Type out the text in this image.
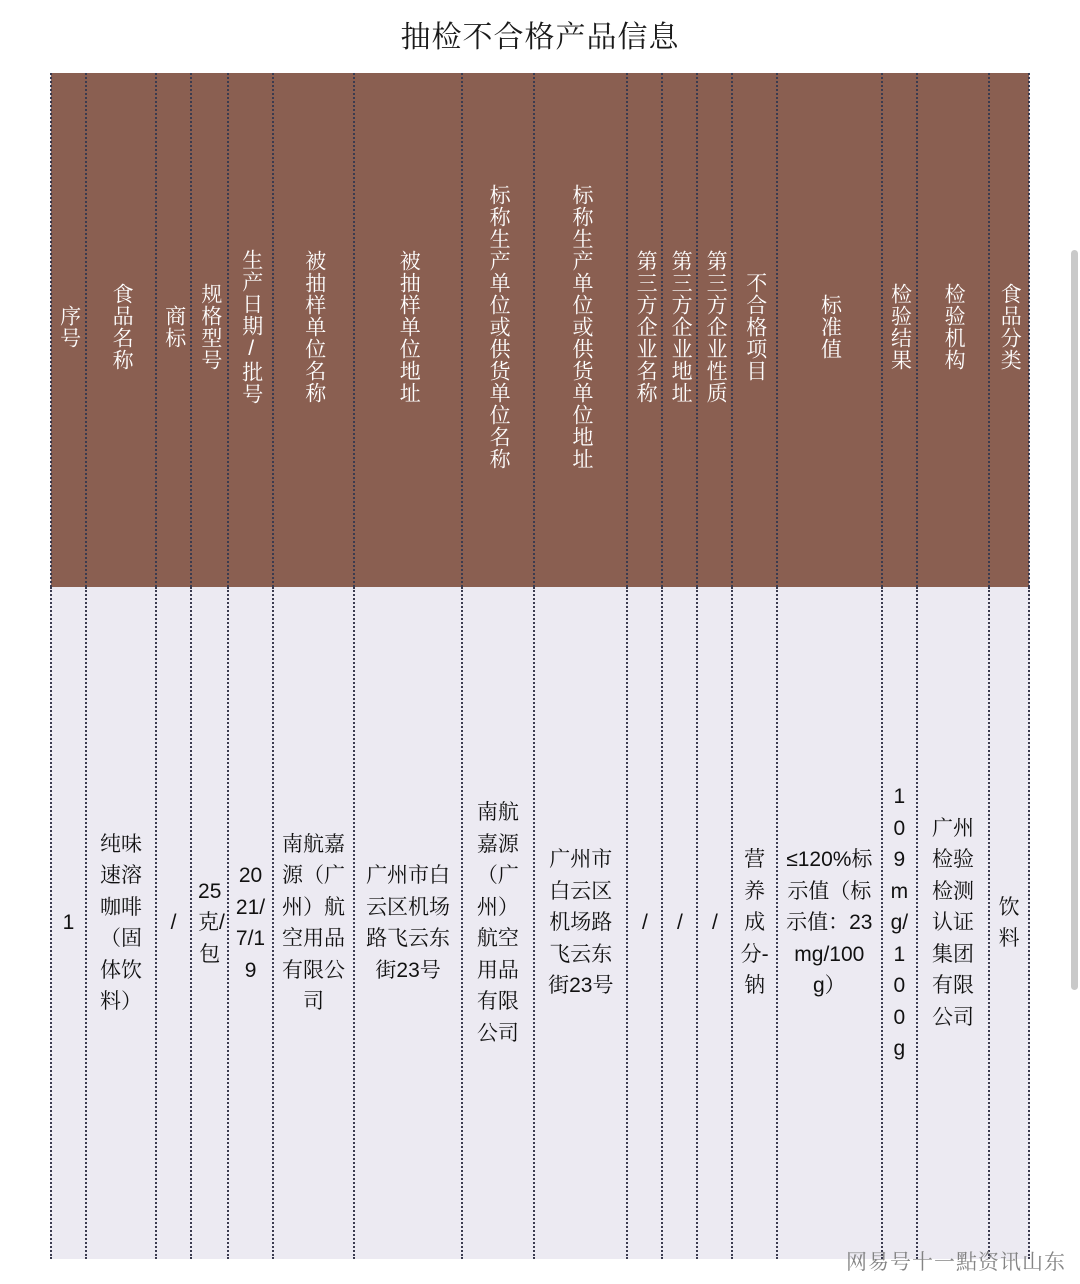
抽检不合格产品信息
序号	食品名称	商标	规格型号	生产日期/批号	被抽样单位名称	被抽样单位地址	标称生产单位或供货单位名称	标称生产单位或供货单位地址	第三方企业名称	第三方企业地址	第三方企业性质	不合格项目	标准值	检验结果	检验机构	食品分类

1	纯味速溶咖啡（固体饮料）	/	25克/包	2021/7/19	南航嘉源（广州）航空用品有限公司	广州市白云区机场路飞云东街23号	南航嘉源（广州）航空用品有限公司	广州市白云区机场路飞云东街23号	/	/	/	营养成分-钠	≤120%标示值（标示值：23mg/100g）	109mg/100g	广州检验检测认证集团有限公司	饮料
网易号十一點资讯山东
